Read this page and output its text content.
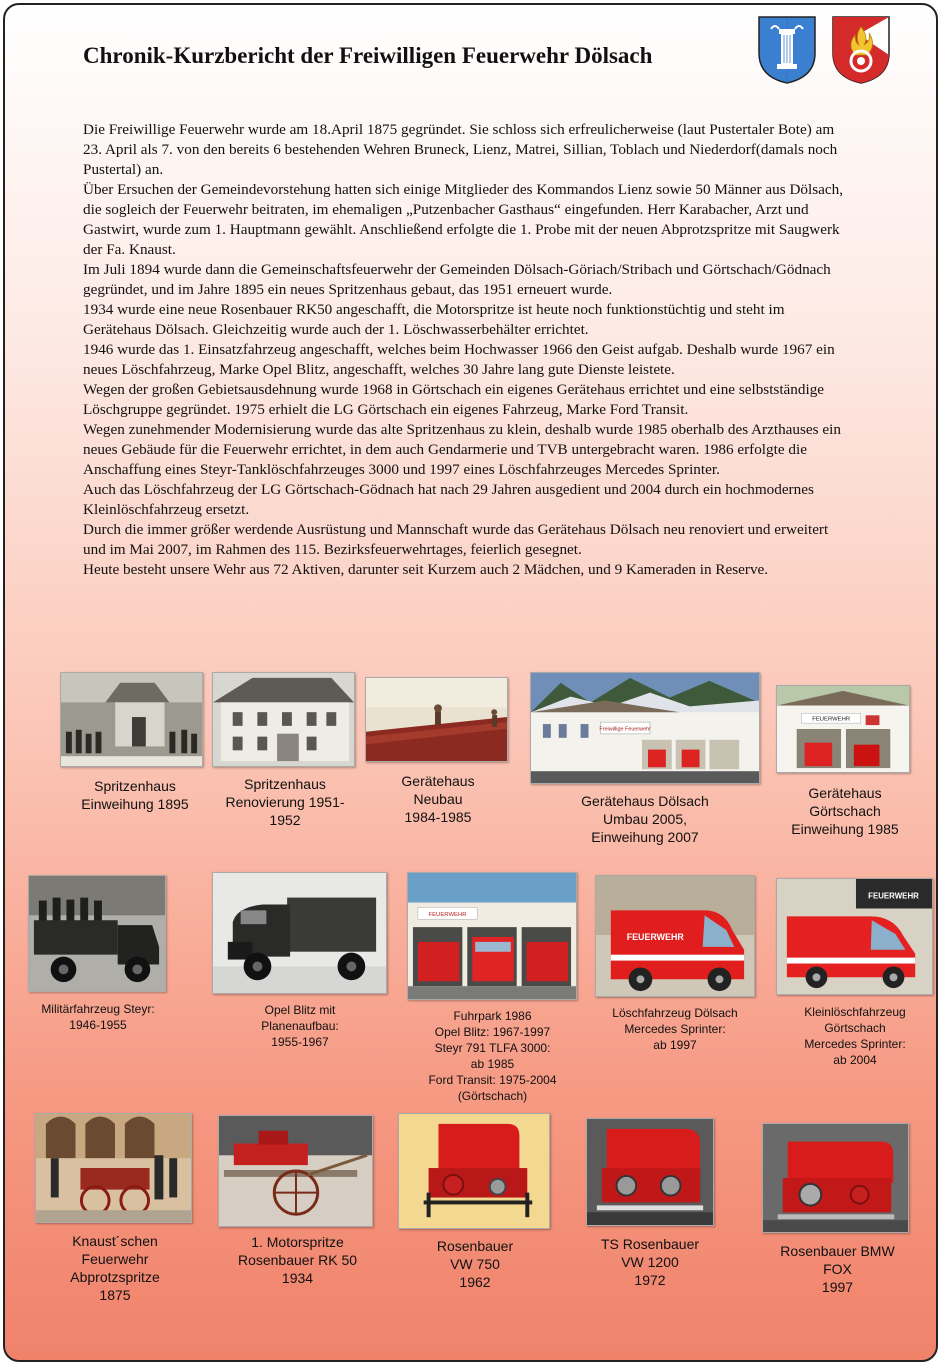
Chronik-Kurzbericht der Freiwilligen Feuerwehr Dölsach

Die Freiwillige Feuerwehr wurde am 18.April 1875 gegründet. Sie schloss sich erfreulicherweise (laut Pustertaler Bote) am 23. April als 7. von den bereits 6 bestehenden Wehren Bruneck, Lienz, Matrei, Sillian, Toblach und Niederdorf(damals noch Pustertal) an.

Über Ersuchen der Gemeindevorstehung hatten sich einige Mitglieder des Kommandos Lienz sowie 50 Männer aus Dölsach, die sogleich der Feuerwehr beitraten, im ehemaligen „Putzenbacher Gasthaus“ eingefunden. Herr Karabacher, Arzt und Gastwirt, wurde zum 1. Hauptmann gewählt. Anschließend erfolgte die 1. Probe mit der neuen Abprotzspritze mit Saugwerk der Fa. Knaust.

Im Juli 1894 wurde dann die Gemeinschaftsfeuerwehr der Gemeinden Dölsach-Göriach/Stribach und Görtschach/Gödnach gegründet, und im Jahre 1895 ein neues Spritzenhaus gebaut, das 1951 erneuert wurde.

1934 wurde eine neue Rosenbauer RK50 angeschafft, die Motorspritze ist heute noch funktionstüchtig und steht im Gerätehaus Dölsach. Gleichzeitig wurde auch der 1. Löschwasserbehälter errichtet.

1946 wurde das 1. Einsatzfahrzeug angeschafft, welches beim Hochwasser 1966 den Geist aufgab. Deshalb wurde 1967 ein neues Löschfahrzeug, Marke Opel Blitz, angeschafft, welches 30 Jahre lang gute Dienste leistete.

Wegen der großen Gebietsausdehnung wurde 1968 in Görtschach ein eigenes Gerätehaus errichtet und eine selbstständige Löschgruppe gegründet. 1975 erhielt die LG Görtschach ein eigenes Fahrzeug, Marke Ford Transit.

Wegen zunehmender Modernisierung wurde das alte Spritzenhaus zu klein, deshalb wurde 1985 oberhalb des Arzthauses ein neues Gebäude für die Feuerwehr errichtet, in dem auch Gendarmerie und TVB untergebracht waren. 1986 erfolgte die Anschaffung eines Steyr-Tanklöschfahrzeuges 3000 und 1997 eines Löschfahrzeuges Mercedes Sprinter.

Auch das Löschfahrzeug der LG Görtschach-Gödnach hat nach 29 Jahren ausgedient und 2004 durch ein hochmodernes Kleinlöschfahrzeug ersetzt.

Durch die immer größer werdende Ausrüstung und Mannschaft wurde das Gerätehaus Dölsach neu renoviert und erweitert und im Mai 2007, im Rahmen des 115. Bezirksfeuerwehrtages, feierlich gesegnet.

Heute besteht unsere Wehr aus 72 Aktiven, darunter seit Kurzem auch 2 Mädchen, und 9 Kameraden in Reserve.

Spritzenhaus
Einweihung 1895
Spritzenhaus
Renovierung 1951-
1952
Gerätehaus
Neubau
1984-1985
Freiwillige Feuerwehr
Gerätehaus Dölsach
Umbau 2005,
Einweihung 2007
FEUERWEHR
Gerätehaus
Görtschach
Einweihung 1985
Militärfahrzeug Steyr:
1946-1955
Opel Blitz mit
Planenaufbau:
1955-1967
FEUERWEHR
Fuhrpark 1986
Opel Blitz: 1967-1997
Steyr 791 TLFA 3000:
ab 1985
Ford Transit: 1975-2004
(Görtschach)
FEUERWEHR
Löschfahrzeug Dölsach
Mercedes Sprinter:
ab 1997
FEUERWEHR
Kleinlöschfahrzeug
Görtschach
Mercedes Sprinter:
ab 2004
Knaust´schen
Feuerwehr
Abprotzspritze
1875
1. Motorspritze
Rosenbauer RK 50
1934
Rosenbauer
VW 750
1962
TS Rosenbauer
VW 1200
1972
Rosenbauer BMW
FOX
1997
